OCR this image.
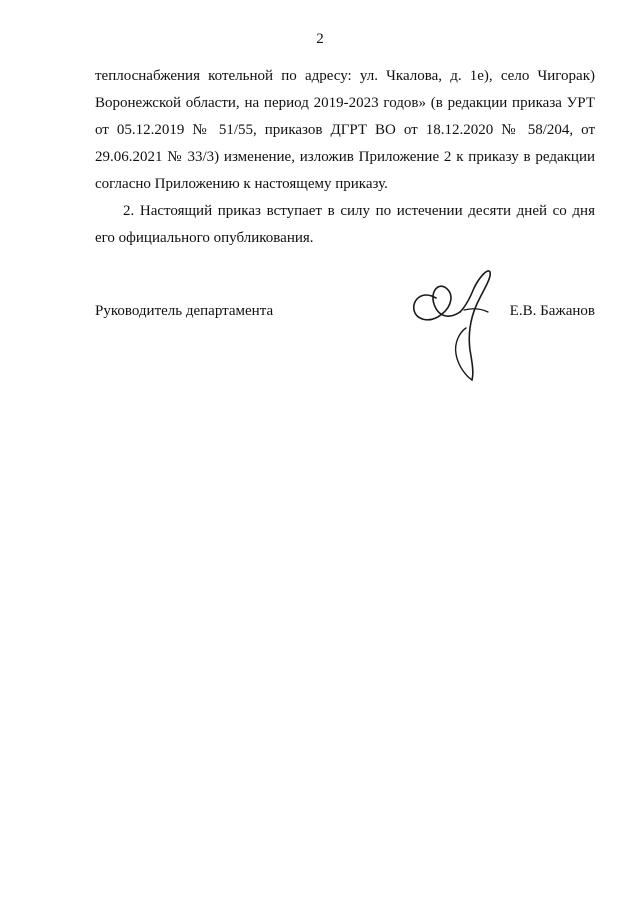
2

теплоснабжения котельной по адресу: ул. Чкалова, д. 1е), село Чигорак) Воронежской области, на период 2019-2023 годов» (в редакции приказа УРТ от 05.12.2019 № 51/55, приказов ДГРТ ВО от 18.12.2020 № 58/204, от 29.06.2021 № 33/3) изменение, изложив Приложение 2 к приказу в редакции согласно Приложению к настоящему приказу.

2. Настоящий приказ вступает в силу по истечении десяти дней со дня его официального опубликования.

Руководитель департамента	Е.В. Бажанов
